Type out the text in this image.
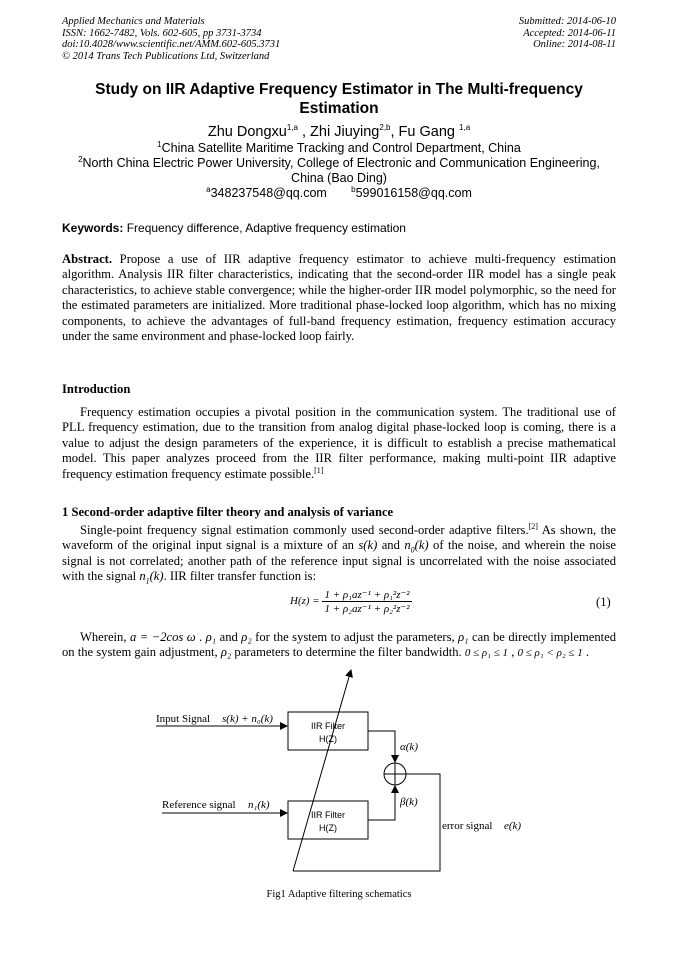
Applied Mechanics and Materials
ISSN: 1662-7482, Vols. 602-605, pp 3731-3734
doi:10.4028/www.scientific.net/AMM.602-605.3731
© 2014 Trans Tech Publications Ltd, Switzerland
Submitted: 2014-06-10
Accepted: 2014-06-11
Online: 2014-08-11
Study on IIR Adaptive Frequency Estimator in The Multi-frequency Estimation
Zhu Dongxu$^{1,a}$ , Zhi Jiuying$^{2,b}$, Fu Gang $^{1,a}$
$^1$China Satellite Maritime Tracking and Control Department, China
$^2$North China Electric Power University, College of Electronic and Communication Engineering, China (Bao Ding)
$^a$348237548@qq.com	$^b$599016158@qq.com
Keywords: Frequency difference, Adaptive frequency estimation
Abstract. Propose a use of IIR adaptive frequency estimator to achieve multi-frequency estimation algorithm. Analysis IIR filter characteristics, indicating that the second-order IIR model has a single peak characteristics, to achieve stable convergence; while the higher-order IIR model polymorphic, so the need for the estimated parameters are initialized. More traditional phase-locked loop algorithm, which has no mixing components, to achieve the advantages of full-band frequency estimation, frequency estimation accuracy under the same environment and phase-locked loop fairly.
Introduction
Frequency estimation occupies a pivotal position in the communication system. The traditional use of PLL frequency estimation, due to the transition from analog digital phase-locked loop is coming, there is a value to adjust the design parameters of the experience, it is difficult to establish a precise mathematical model. This paper analyzes proceed from the IIR filter performance, making multi-point IIR adaptive frequency estimation frequency estimate possible.[1]
1 Second-order adaptive filter theory and analysis of variance
Single-point frequency signal estimation commonly used second-order adaptive filters.[2] As shown, the waveform of the original input signal is a mixture of an s(k) and $n_0(k)$ of the noise, and wherein the noise signal is not correlated; another path of the reference input signal is uncorrelated with the noise associated with the signal $n_1(k)$. IIR filter transfer function is:
$H(z) = \frac{\text{1 + ρ₁az⁻¹ + ρ₁²z⁻²}}{\text{1 + ρ₂az⁻¹ + ρ₂²z⁻²}}$	(1)
Wherein, a = −2cos ω . ρ₁ and ρ₂ for the system to adjust the parameters, ρ₁ can be directly implemented on the system gain adjustment, ρ₂ parameters to determine the filter bandwidth. 0 ≤ ρ₁ ≤ 1 , 0 ≤ ρ₁ < ρ₂ ≤ 1 .
IIR Filter
H(Z)
IIR Filter
H(Z)
Input Signal s(k) + n₀(k)
Reference signal n₁(k)
α(k)
β(k)
error signal e(k)
Fig1 Adaptive filtering schematics
